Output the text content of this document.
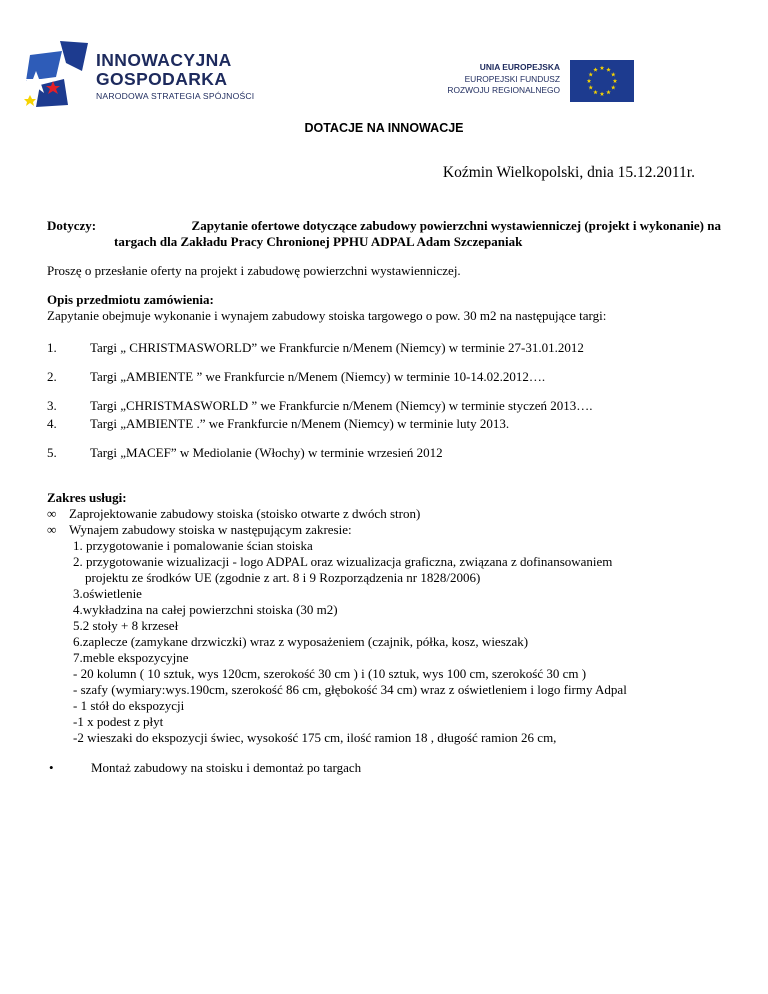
INNOWACYJNA
GOSPODARKA
NARODOWA STRATEGIA SPÓJNOŚCI
UNIA EUROPEJSKA
EUROPEJSKI FUNDUSZ
ROZWOJU REGIONALNEGO
DOTACJE NA INNOWACJE
Koźmin Wielkopolski, dnia 15.12.2011r.
Dotyczy:	Zapytanie ofertowe dotyczące zabudowy powierzchni wystawienniczej (projekt i wykonanie) na
targach dla Zakładu Pracy Chronionej PPHU ADPAL Adam Szczepaniak
Proszę o przesłanie oferty na projekt i zabudowę powierzchni wystawienniczej.
Opis przedmiotu zamówienia:
Zapytanie obejmuje wykonanie i wynajem zabudowy stoiska targowego o pow. 30 m2 na następujące targi:
1.	Targi „ CHRISTMASWORLD” we Frankfurcie n/Menem (Niemcy) w terminie 27-31.01.2012
2.	Targi „AMBIENTE ” we Frankfurcie n/Menem (Niemcy) w terminie 10-14.02.2012….
3.	Targi „CHRISTMASWORLD ” we Frankfurcie n/Menem (Niemcy) w terminie styczeń 2013….
4.	Targi „AMBIENTE .” we Frankfurcie n/Menem (Niemcy) w terminie luty 2013.
5.	Targi „MACEF” w Mediolanie (Włochy) w terminie wrzesień 2012
Zakres usługi:
∞ Zaprojektowanie zabudowy stoiska (stoisko otwarte z dwóch stron)
∞ Wynajem zabudowy stoiska w następującym zakresie:
1. przygotowanie i pomalowanie ścian stoiska
2. przygotowanie wizualizacji - logo ADPAL oraz wizualizacja graficzna, związana z dofinansowaniem
projektu ze środków UE (zgodnie z art. 8 i 9 Rozporządzenia nr 1828/2006)
3.oświetlenie
4.wykładzina na całej powierzchni stoiska (30 m2)
5.2 stoły + 8 krzeseł
6.zaplecze (zamykane drzwiczki) wraz z wyposażeniem (czajnik, półka, kosz, wieszak)
7.meble ekspozycyjne
- 20 kolumn ( 10 sztuk, wys 120cm, szerokość 30 cm ) i (10 sztuk, wys 100 cm, szerokość 30 cm )
- szafy (wymiary:wys.190cm, szerokość 86 cm, głębokość 34 cm) wraz z oświetleniem i logo firmy Adpal
- 1 stół do ekspozycji
-1 x podest z płyt
-2 wieszaki do ekspozycji świec, wysokość 175 cm, ilość ramion 18 , długość ramion 26 cm,
•	Montaż zabudowy na stoisku i demontaż po targach
